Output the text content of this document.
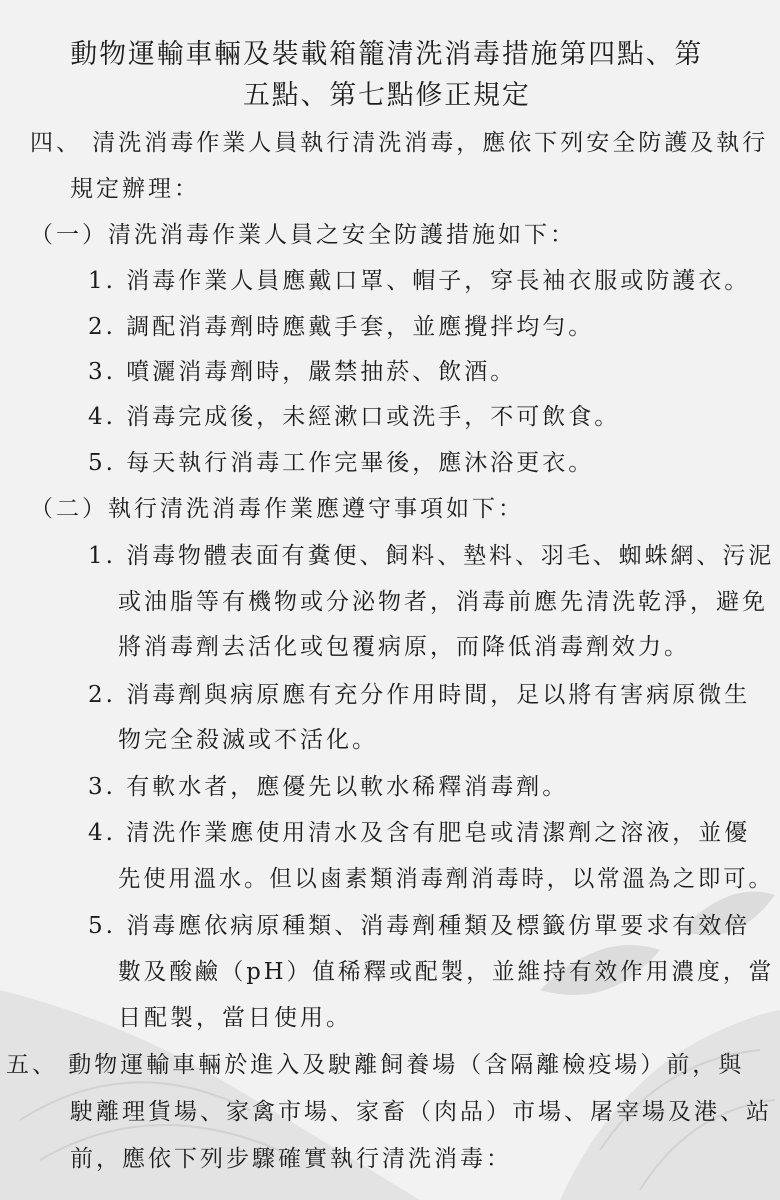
動物運輸車輛及裝載箱籠清洗消毒措施第四點、第
五點、第七點修正規定
四、 清洗消毒作業人員執行清洗消毒，應依下列安全防護及執行
規定辦理：
（一）清洗消毒作業人員之安全防護措施如下：
1. 消毒作業人員應戴口罩、帽子，穿長袖衣服或防護衣。
2. 調配消毒劑時應戴手套，並應攪拌均勻。
3. 噴灑消毒劑時，嚴禁抽菸、飲酒。
4. 消毒完成後，未經漱口或洗手，不可飲食。
5. 每天執行消毒工作完畢後，應沐浴更衣。
（二）執行清洗消毒作業應遵守事項如下：
1. 消毒物體表面有糞便、飼料、墊料、羽毛、蜘蛛網、污泥
或油脂等有機物或分泌物者，消毒前應先清洗乾淨，避免
將消毒劑去活化或包覆病原，而降低消毒劑效力。
2. 消毒劑與病原應有充分作用時間，足以將有害病原微生
物完全殺滅或不活化。
3. 有軟水者，應優先以軟水稀釋消毒劑。
4. 清洗作業應使用清水及含有肥皂或清潔劑之溶液，並優
先使用溫水。但以鹵素類消毒劑消毒時，以常溫為之即可。
5. 消毒應依病原種類、消毒劑種類及標籤仿單要求有效倍
數及酸鹼（pH）值稀釋或配製，並維持有效作用濃度，當
日配製，當日使用。
五、 動物運輸車輛於進入及駛離飼養場（含隔離檢疫場）前，與
駛離理貨場、家禽市場、家畜（肉品）市場、屠宰場及港、站
前，應依下列步驟確實執行清洗消毒：
